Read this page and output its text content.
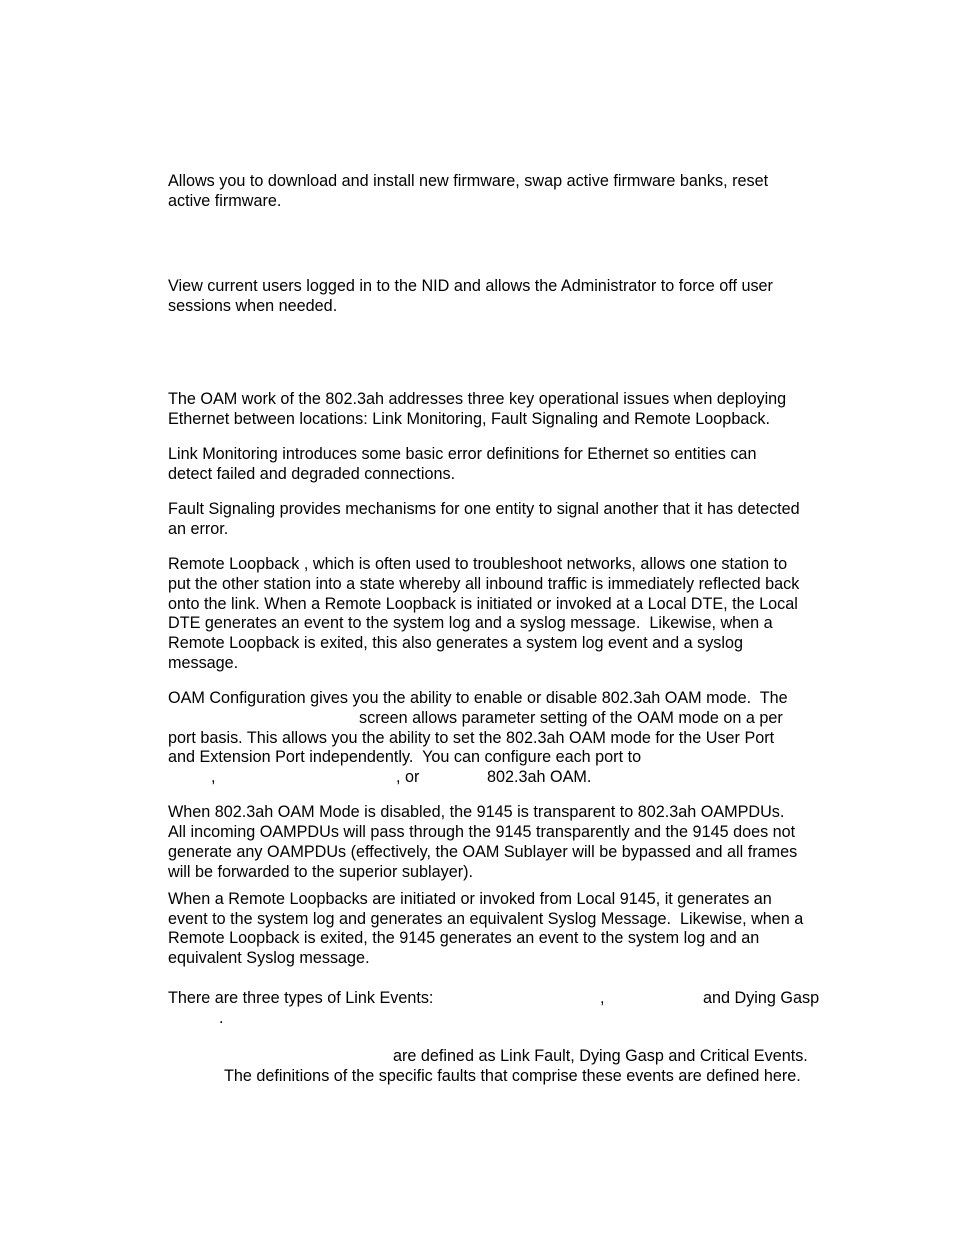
Allows you to download and install new firmware, swap active firmware banks, reset
active firmware.
View current users logged in to the NID and allows the Administrator to force off user
sessions when needed.
The OAM work of the 802.3ah addresses three key operational issues when deploying
Ethernet between locations: Link Monitoring, Fault Signaling and Remote Loopback.
Link Monitoring introduces some basic error definitions for Ethernet so entities can
detect failed and degraded connections.
Fault Signaling provides mechanisms for one entity to signal another that it has detected
an error.
Remote Loopback , which is often used to troubleshoot networks, allows one station to
put the other station into a state whereby all inbound traffic is immediately reflected back
onto the link. When a Remote Loopback is initiated or invoked at a Local DTE, the Local
DTE generates an event to the system log and a syslog message.  Likewise, when a
Remote Loopback is exited, this also generates a system log event and a syslog
message.
OAM Configuration gives you the ability to enable or disable 802.3ah OAM mode.  The
screen allows parameter setting of the OAM mode on a per
port basis. This allows you the ability to set the 802.3ah OAM mode for the User Port
and Extension Port independently.  You can configure each port to
,	, or	802.3ah OAM.
When 802.3ah OAM Mode is disabled, the 9145 is transparent to 802.3ah OAMPDUs.
All incoming OAMPDUs will pass through the 9145 transparently and the 9145 does not
generate any OAMPDUs (effectively, the OAM Sublayer will be bypassed and all frames
will be forwarded to the superior sublayer).
When a Remote Loopbacks are initiated or invoked from Local 9145, it generates an
event to the system log and generates an equivalent Syslog Message.  Likewise, when a
Remote Loopback is exited, the 9145 generates an event to the system log and an
equivalent Syslog message.
There are three types of Link Events:	,	and Dying Gasp
.
are defined as Link Fault, Dying Gasp and Critical Events.
The definitions of the specific faults that comprise these events are defined here.
